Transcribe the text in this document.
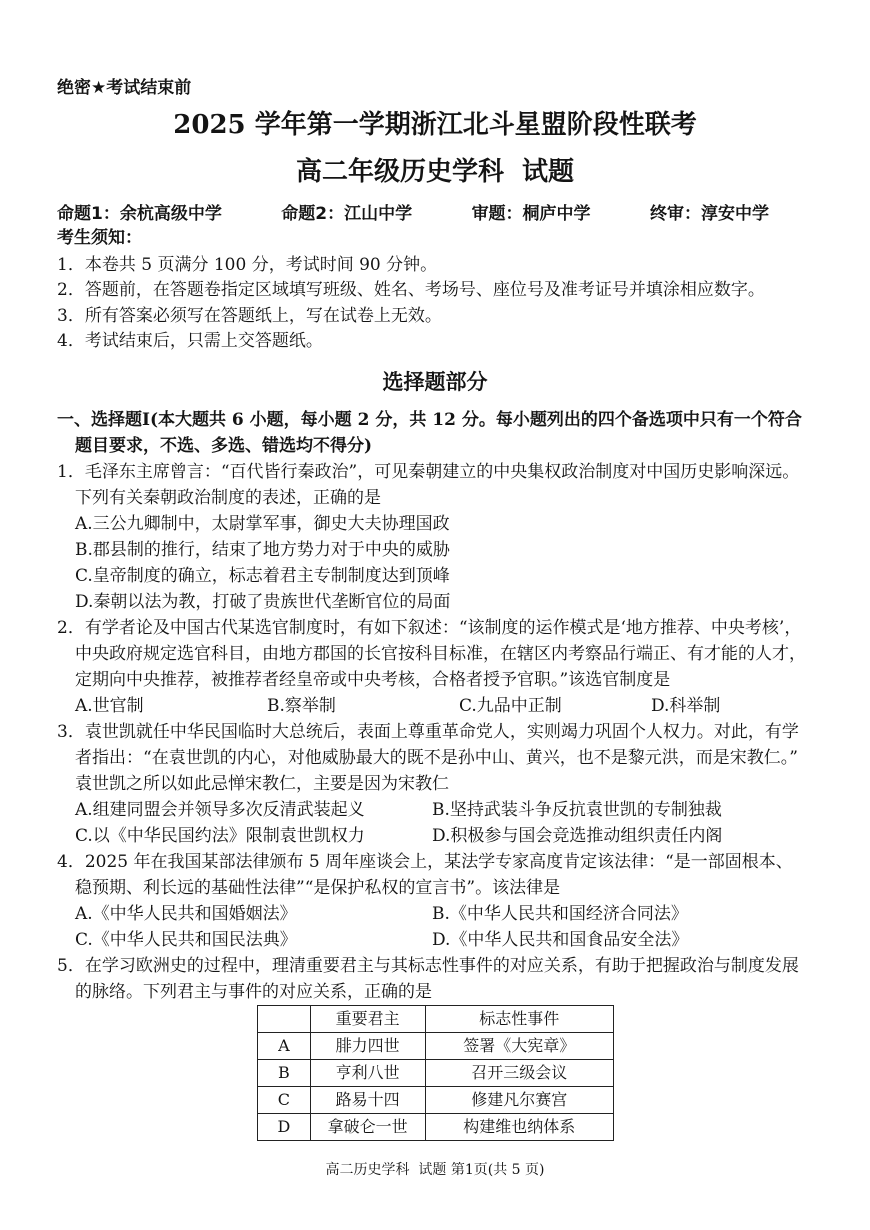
绝密★考试结束前
2025 学年第一学期浙江北斗星盟阶段性联考
高二年级历史学科  试题
命题1：余杭高级中学	命题2：江山中学	审题：桐庐中学	终审：淳安中学
考生须知：
1．本卷共 5 页满分 100 分，考试时间 90 分钟。
2．答题前，在答题卷指定区域填写班级、姓名、考场号、座位号及准考证号并填涂相应数字。
3．所有答案必须写在答题纸上，写在试卷上无效。
4．考试结束后，只需上交答题纸。
选择题部分
一、选择题Ⅰ(本大题共 6 小题，每小题 2 分，共 12 分。每小题列出的四个备选项中只有一个符合
题目要求，不选、多选、错选均不得分)
1．毛泽东主席曾言：“百代皆行秦政治”，可见秦朝建立的中央集权政治制度对中国历史影响深远。
下列有关秦朝政治制度的表述，正确的是
A.三公九卿制中，太尉掌军事，御史大夫协理国政
B.郡县制的推行，结束了地方势力对于中央的威胁
C.皇帝制度的确立，标志着君主专制制度达到顶峰
D.秦朝以法为教，打破了贵族世代垄断官位的局面
2．有学者论及中国古代某选官制度时，有如下叙述：“该制度的运作模式是‘地方推荐、中央考核’，
中央政府规定选官科目，由地方郡国的长官按科目标准，在辖区内考察品行端正、有才能的人才，
定期向中央推荐，被推荐者经皇帝或中央考核，合格者授予官职。”该选官制度是
A.世官制	B.察举制	C.九品中正制	D.科举制
3．袁世凯就任中华民国临时大总统后，表面上尊重革命党人，实则竭力巩固个人权力。对此，有学
者指出：“在袁世凯的内心，对他威胁最大的既不是孙中山、黄兴，也不是黎元洪，而是宋教仁。”
袁世凯之所以如此忌惮宋教仁，主要是因为宋教仁
A.组建同盟会并领导多次反清武装起义	B.坚持武装斗争反抗袁世凯的专制独裁
C.以《中华民国约法》限制袁世凯权力	D.积极参与国会竞选推动组织责任内阁
4．2025 年在我国某部法律颁布 5 周年座谈会上，某法学专家高度肯定该法律：“是一部固根本、
稳预期、利长远的基础性法律”“是保护私权的宣言书”。该法律是
A.《中华人民共和国婚姻法》	B.《中华人民共和国经济合同法》
C.《中华人民共和国民法典》	D.《中华人民共和国食品安全法》
5．在学习欧洲史的过程中，理清重要君主与其标志性事件的对应关系，有助于把握政治与制度发展
的脉络。下列君主与事件的对应关系，正确的是
	重要君主	标志性事件
A	腓力四世	签署《大宪章》
B	亨利八世	召开三级会议
C	路易十四	修建凡尔赛宫
D	拿破仑一世	构建维也纳体系
高二历史学科  试题 第1页(共 5 页)
